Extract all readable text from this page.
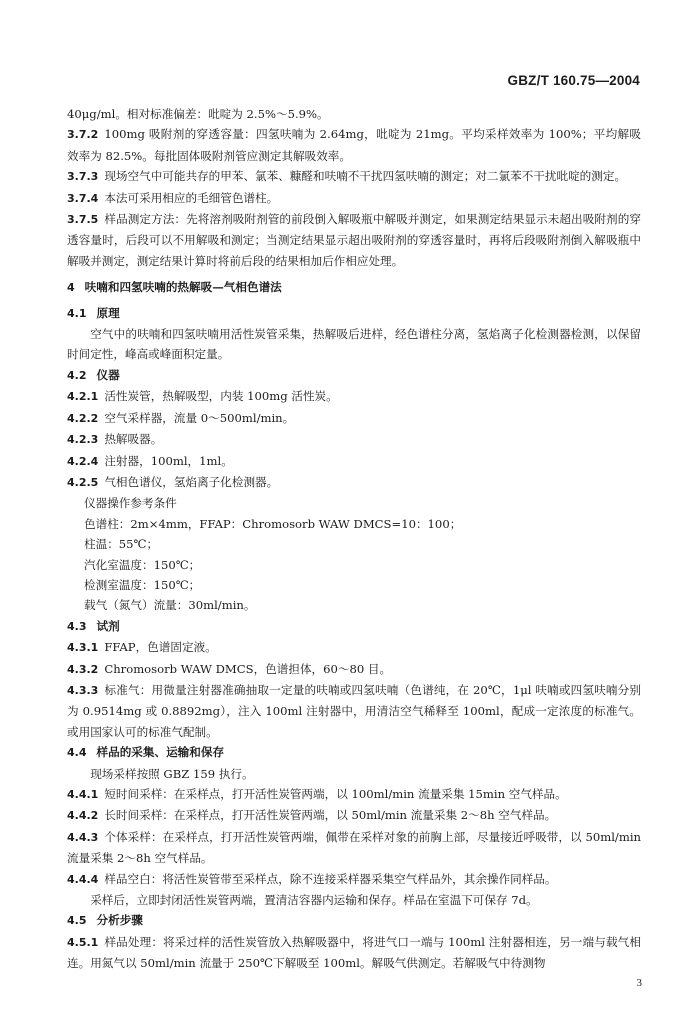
GBZ/T 160.75—2004

40μg/ml。相对标准偏差：吡啶为 2.5%～5.9%。

3.7.2 100mg 吸附剂的穿透容量：四氢呋喃为 2.64mg，吡啶为 21mg。平均采样效率为 100%；平均解吸效率为 82.5%。每批固体吸附剂管应测定其解吸效率。

3.7.3 现场空气中可能共存的甲苯、氯苯、糠醛和呋喃不干扰四氢呋喃的测定；对二氯苯不干扰吡啶的测定。

3.7.4 本法可采用相应的毛细管色谱柱。

3.7.5 样品测定方法：先将溶剂吸附剂管的前段倒入解吸瓶中解吸并测定，如果测定结果显示未超出吸附剂的穿透容量时，后段可以不用解吸和测定；当测定结果显示超出吸附剂的穿透容量时，再将后段吸附剂倒入解吸瓶中解吸并测定，测定结果计算时将前后段的结果相加后作相应处理。

4 呋喃和四氢呋喃的热解吸—气相色谱法

4.1 原理

空气中的呋喃和四氢呋喃用活性炭管采集，热解吸后进样，经色谱柱分离，氢焰离子化检测器检测，以保留时间定性，峰高或峰面积定量。

4.2 仪器

4.2.1 活性炭管，热解吸型，内装 100mg 活性炭。

4.2.2 空气采样器，流量 0～500ml/min。

4.2.3 热解吸器。

4.2.4 注射器，100ml，1ml。

4.2.5 气相色谱仪，氢焰离子化检测器。

仪器操作参考条件

色谱柱：2m×4mm，FFAP：Chromosorb WAW DMCS=10：100；

柱温：55℃；

汽化室温度：150℃；

检测室温度：150℃；

载气（氮气）流量：30ml/min。

4.3 试剂

4.3.1 FFAP，色谱固定液。

4.3.2 Chromosorb WAW DMCS，色谱担体，60～80 目。

4.3.3 标准气：用微量注射器准确抽取一定量的呋喃或四氢呋喃（色谱纯，在 20℃，1μl 呋喃或四氢呋喃分别为 0.9514mg 或 0.8892mg），注入 100ml 注射器中，用清洁空气稀释至 100ml，配成一定浓度的标准气。或用国家认可的标准气配制。

4.4 样品的采集、运输和保存

现场采样按照 GBZ 159 执行。

4.4.1 短时间采样：在采样点，打开活性炭管两端，以 100ml/min 流量采集 15min 空气样品。

4.4.2 长时间采样：在采样点，打开活性炭管两端，以 50ml/min 流量采集 2～8h 空气样品。

4.4.3 个体采样：在采样点，打开活性炭管两端，佩带在采样对象的前胸上部，尽量接近呼吸带，以 50ml/min 流量采集 2～8h 空气样品。

4.4.4 样品空白：将活性炭管带至采样点，除不连接采样器采集空气样品外，其余操作同样品。

采样后，立即封闭活性炭管两端，置清洁容器内运输和保存。样品在室温下可保存 7d。

4.5 分析步骤

4.5.1 样品处理：将采过样的活性炭管放入热解吸器中，将进气口一端与 100ml 注射器相连，另一端与载气相连。用氮气以 50ml/min 流量于 250℃下解吸至 100ml。解吸气供测定。若解吸气中待测物

3
